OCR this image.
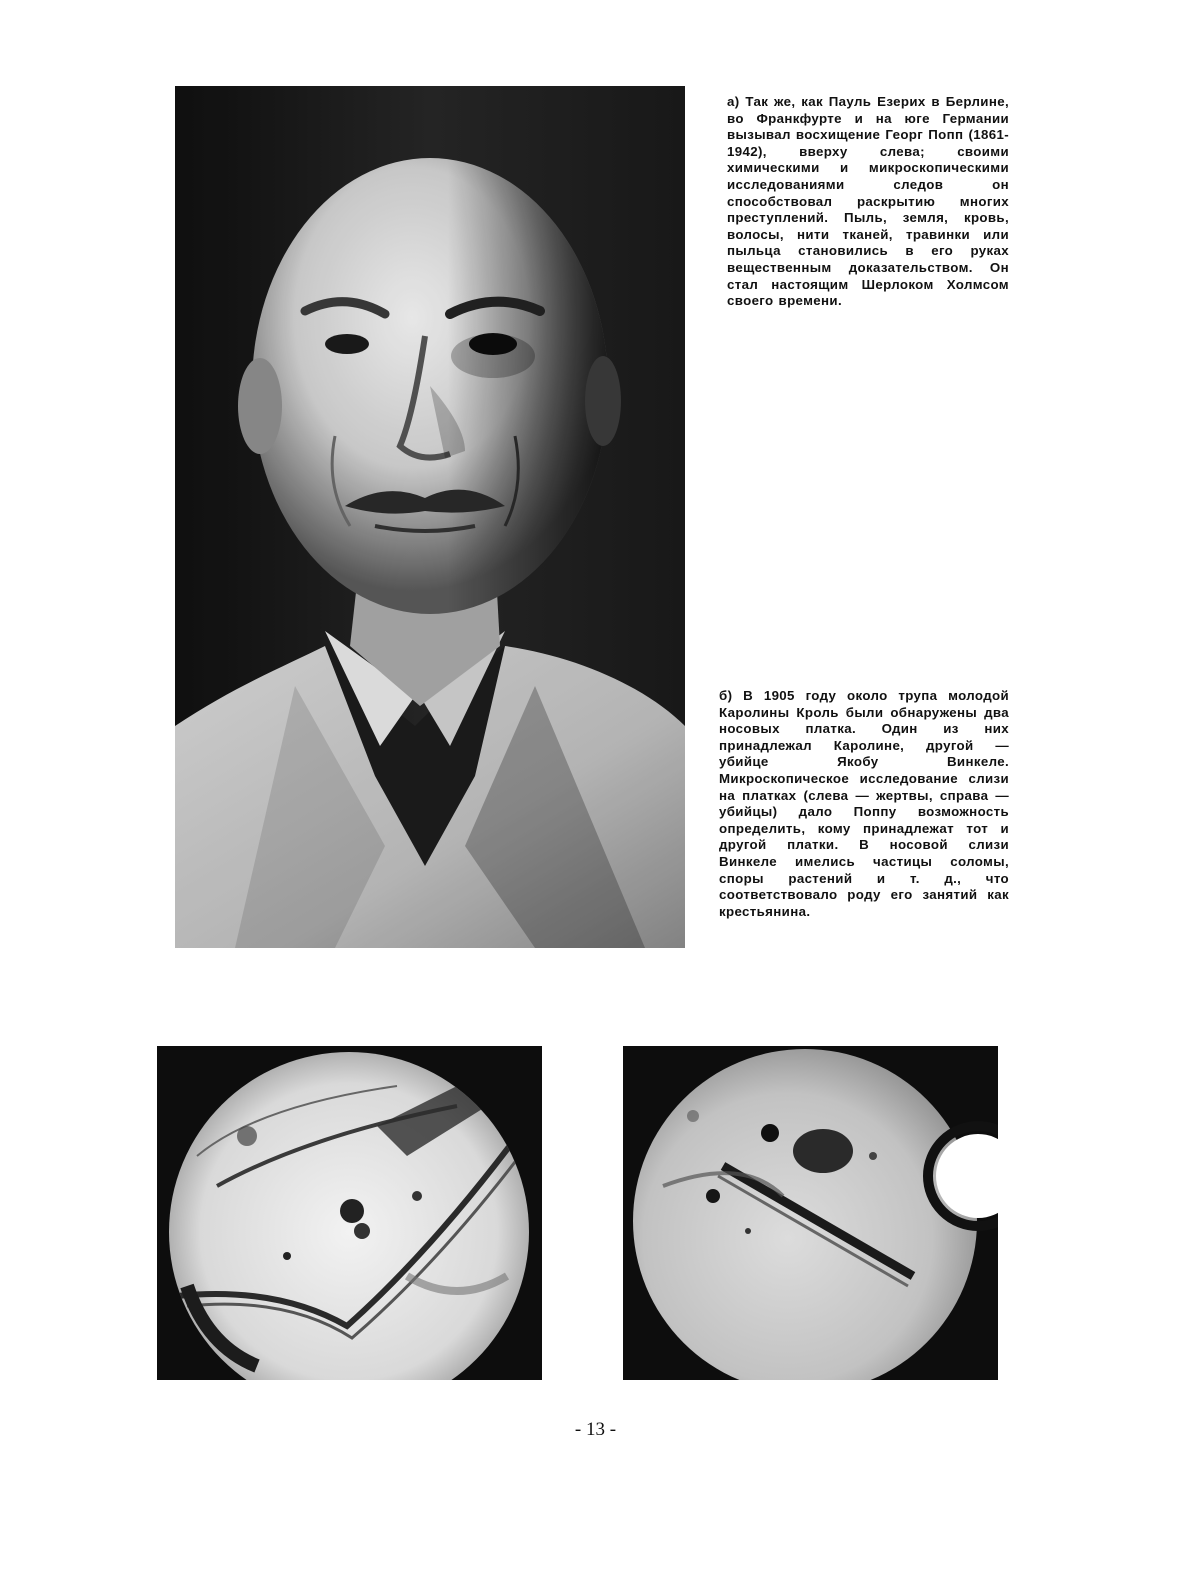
а) Так же, как Пауль Езерих в Берлине, во Франкфурте и на юге Германии вызывал восхищение Георг Попп (1861-1942), вверху слева; своими химическими и микроскопическими исследованиями следов он способствовал раскрытию многих преступлений. Пыль, земля, кровь, волосы, нити тканей, травинки или пыльца становились в его руках вещественным доказательством. Он стал настоящим Шерлоком Холмсом своего времени.

б) В 1905 году около трупа молодой Каролины Кроль были обнаружены два носовых платка. Один из них принадлежал Каролине, другой — убийце Якобу Винкеле. Микроскопическое исследование слизи на платках (слева — жертвы, справа — убийцы) дало Поппу возможность определить, кому принадлежат тот и другой платки. В носовой слизи Винкеле имелись частицы соломы, споры растений и т. д., что соответствовало роду его занятий как крестьянина.

- 13 -
